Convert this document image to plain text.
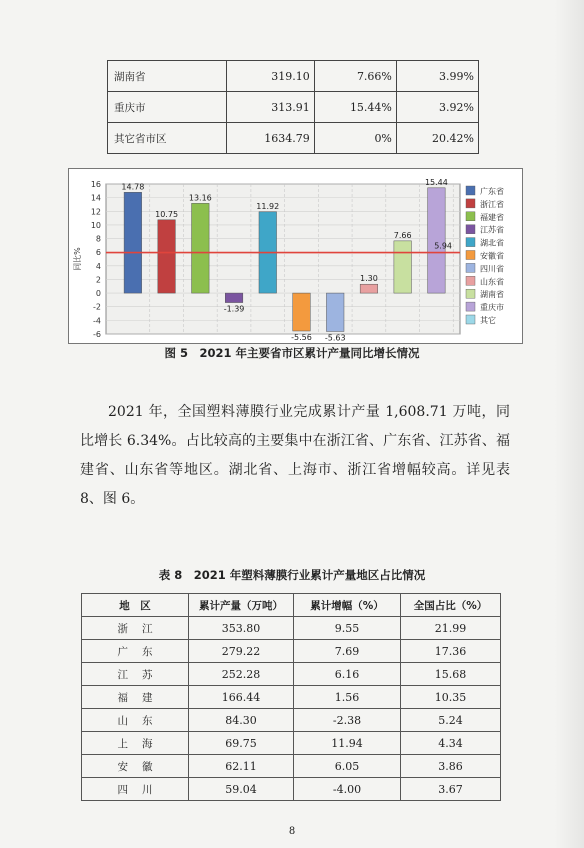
湖南省	319.10	7.66%	3.99%
重庆市	313.91	15.44%	3.92%
其它省市区	1634.79	0%	20.42%
16
14
12
10
8
6
4
2
0
-2
-4
-6
同比%
14.78
10.75
13.16
-1.39
11.92
-5.56 -5.63
1.30
7.66
15.44
5.94
广东省
浙江省
福建省
江苏省
湖北省
安徽省
四川省
山东省
湖南省
重庆市
其它
图 5　2021 年主要省市区累计产量同比增长情况

2021 年，全国塑料薄膜行业完成累计产量 1,608.71 万吨，同比增长 6.34%。占比较高的主要集中在浙江省、广东省、江苏省、福建省、山东省等地区。湖北省、上海市、浙江省增幅较高。详见表 8、图 6。

表 8　2021 年塑料薄膜行业累计产量地区占比情况
地　区	累计产量（万吨）	累计增幅（%）	全国占比（%）
浙江	353.80	9.55	21.99
广东	279.22	7.69	17.36
江苏	252.28	6.16	15.68
福建	166.44	1.56	10.35
山东	84.30	-2.38	5.24
上海	69.75	11.94	4.34
安徽	62.11	6.05	3.86
四川	59.04	-4.00	3.67
8
